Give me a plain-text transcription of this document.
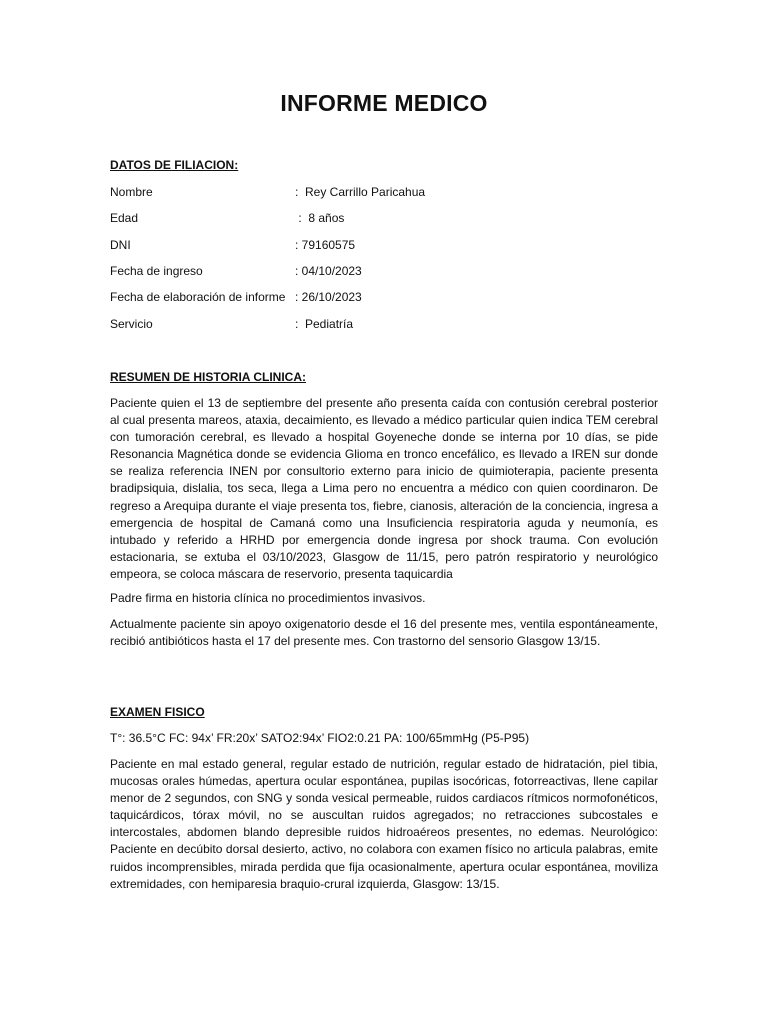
INFORME MEDICO
DATOS DE FILIACION:
Nombre	:  Rey Carrillo Paricahua
Edad	:  8 años
DNI	: 79160575
Fecha de ingreso	: 04/10/2023
Fecha de elaboración de informe : 26/10/2023
Servicio	:  Pediatría
RESUMEN DE HISTORIA CLINICA:

Paciente quien el 13 de septiembre del presente año presenta caída con contusión cerebral posterior al cual presenta mareos, ataxia, decaimiento, es llevado a médico particular quien indica TEM cerebral con tumoración cerebral, es llevado a hospital Goyeneche donde se interna por 10 días, se pide Resonancia Magnética donde se evidencia Glioma en tronco encefálico, es llevado a IREN sur donde se realiza referencia INEN por consultorio externo para inicio de quimioterapia, paciente presenta bradipsiquia, dislalia, tos seca, llega a Lima pero no encuentra a médico con quien coordinaron. De regreso a Arequipa durante el viaje presenta tos, fiebre, cianosis, alteración de la conciencia, ingresa a emergencia de hospital de Camaná como una Insuficiencia respiratoria aguda y neumonía, es intubado y referido a HRHD por emergencia donde ingresa por shock trauma. Con evolución estacionaria, se extuba el 03/10/2023, Glasgow de 11/15, pero patrón respiratorio y neurológico empeora, se coloca máscara de reservorio, presenta taquicardia

Padre firma en historia clínica no procedimientos invasivos.

Actualmente paciente sin apoyo oxigenatorio desde el 16 del presente mes, ventila espontáneamente, recibió antibióticos hasta el 17 del presente mes. Con trastorno del sensorio Glasgow 13/15.

EXAMEN FISICO
T°: 36.5°C FC: 94x’ FR:20x’ SATO2:94x’ FIO2:0.21 PA: 100/65mmHg (P5-P95)

Paciente en mal estado general, regular estado de nutrición, regular estado de hidratación, piel tibia, mucosas orales húmedas, apertura ocular espontánea, pupilas isocóricas, fotorreactivas, llene capilar menor de 2 segundos, con SNG y sonda vesical permeable, ruidos cardiacos rítmicos normofonéticos, taquicárdicos, tórax móvil, no se auscultan ruidos agregados; no retracciones subcostales e intercostales, abdomen blando depresible ruidos hidroaéreos presentes, no edemas. Neurológico: Paciente en decúbito dorsal desierto, activo, no colabora con examen físico no articula palabras, emite ruidos incomprensibles, mirada perdida que fija ocasionalmente, apertura ocular espontánea, moviliza extremidades, con hemiparesia braquio-crural izquierda, Glasgow: 13/15.
